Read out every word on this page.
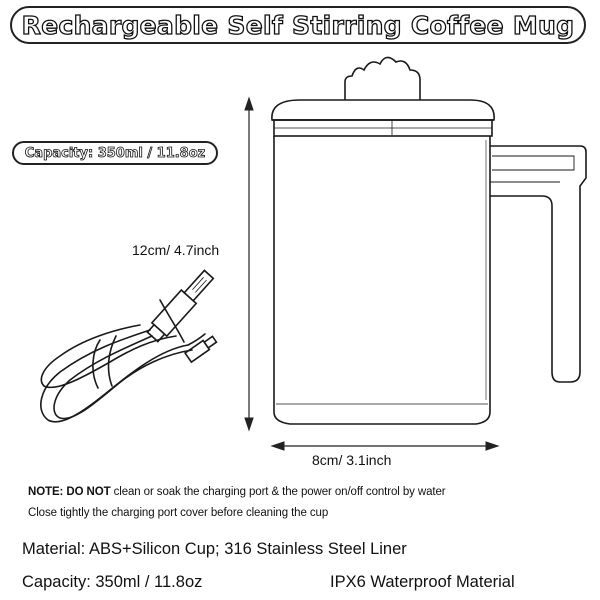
Rechargeable Self Stirring Coffee Mug
Capacity: 350ml / 11.8oz
12cm/ 4.7inch
8cm/ 3.1inch
NOTE: DO NOT clean or soak the charging port & the power on/off control by water
Close tightly the charging port cover before cleaning the cup
Material: ABS+Silicon Cup; 316 Stainless Steel Liner
Capacity: 350ml / 11.8oz	IPX6 Waterproof Material
